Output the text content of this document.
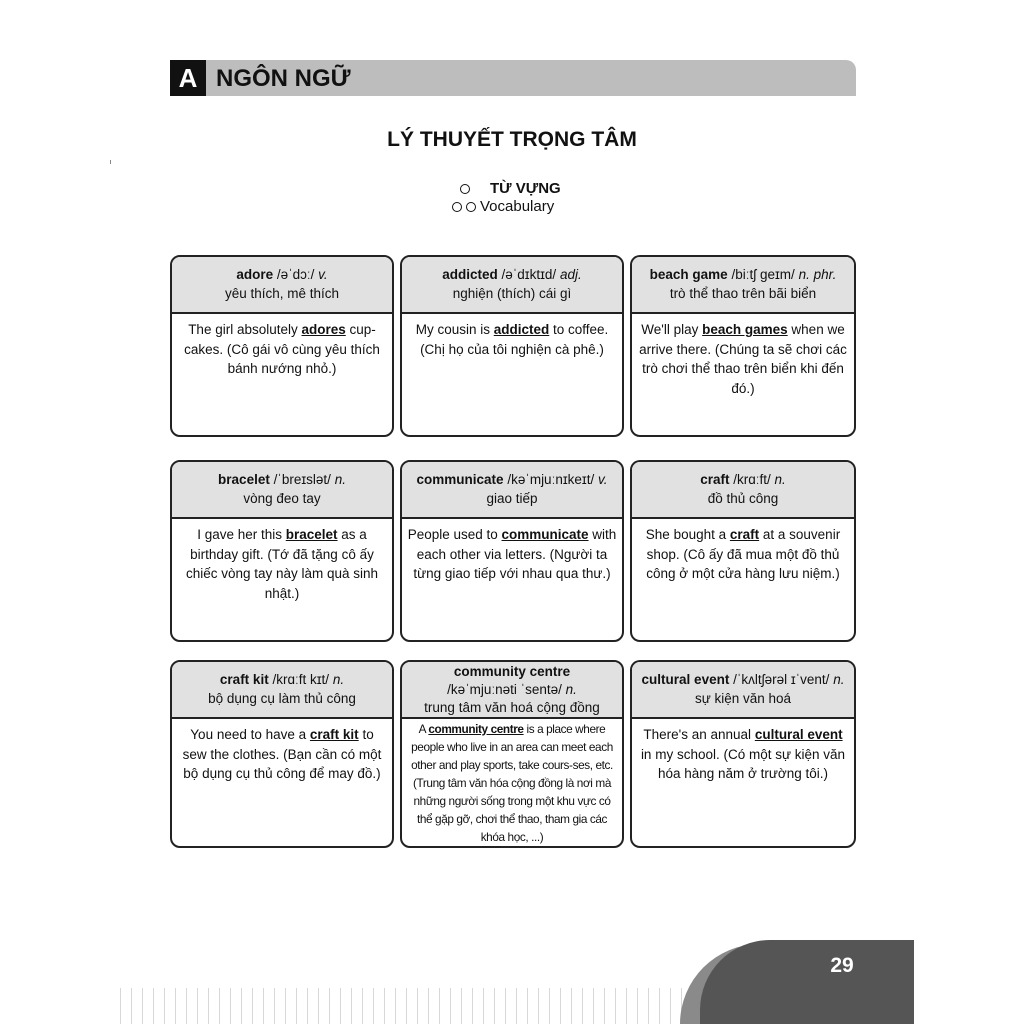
A NGÔN NGỮ
LÝ THUYẾT TRỌNG TÂM
TỪ VỰNG
Vocabulary
adore /əˈdɔː/ v.
yêu thích, mê thích
The girl absolutely adores cup-cakes. (Cô gái vô cùng yêu thích bánh nướng nhỏ.)
addicted /əˈdɪktɪd/ adj.
nghiện (thích) cái gì
My cousin is addicted to coffee. (Chị họ của tôi nghiện cà phê.)
beach game /biːtʃ ɡeɪm/ n. phr.
trò thể thao trên bãi biển
We'll play beach games when we arrive there. (Chúng ta sẽ chơi các trò chơi thể thao trên biển khi đến đó.)
bracelet /ˈbreɪslət/ n.
vòng đeo tay
I gave her this bracelet as a birthday gift. (Tớ đã tặng cô ấy chiếc vòng tay này làm quà sinh nhật.)
communicate /kəˈmjuːnɪkeɪt/ v.
giao tiếp
People used to communicate with each other via letters. (Người ta từng giao tiếp với nhau qua thư.)
craft /krɑːft/ n.
đồ thủ công
She bought a craft at a souvenir shop. (Cô ấy đã mua một đồ thủ công ở một cửa hàng lưu niệm.)
craft kit /krɑːft kɪt/ n.
bộ dụng cụ làm thủ công
You need to have a craft kit to sew the clothes. (Bạn cần có một bộ dụng cụ thủ công để may đồ.)
community centre
/kəˈmjuːnəti ˈsentə/ n.
trung tâm văn hoá cộng đồng
A community centre is a place where people who live in an area can meet each other and play sports, take cours-ses, etc. (Trung tâm văn hóa cộng đồng là nơi mà những người sống trong một khu vực có thể gặp gỡ, chơi thể thao, tham gia các khóa học, ...)
cultural event /ˈkʌltʃərəl ɪˈvent/ n.
sự kiện văn hoá
There's an annual cultural event in my school. (Có một sự kiện văn hóa hàng năm ở trường tôi.)
29
